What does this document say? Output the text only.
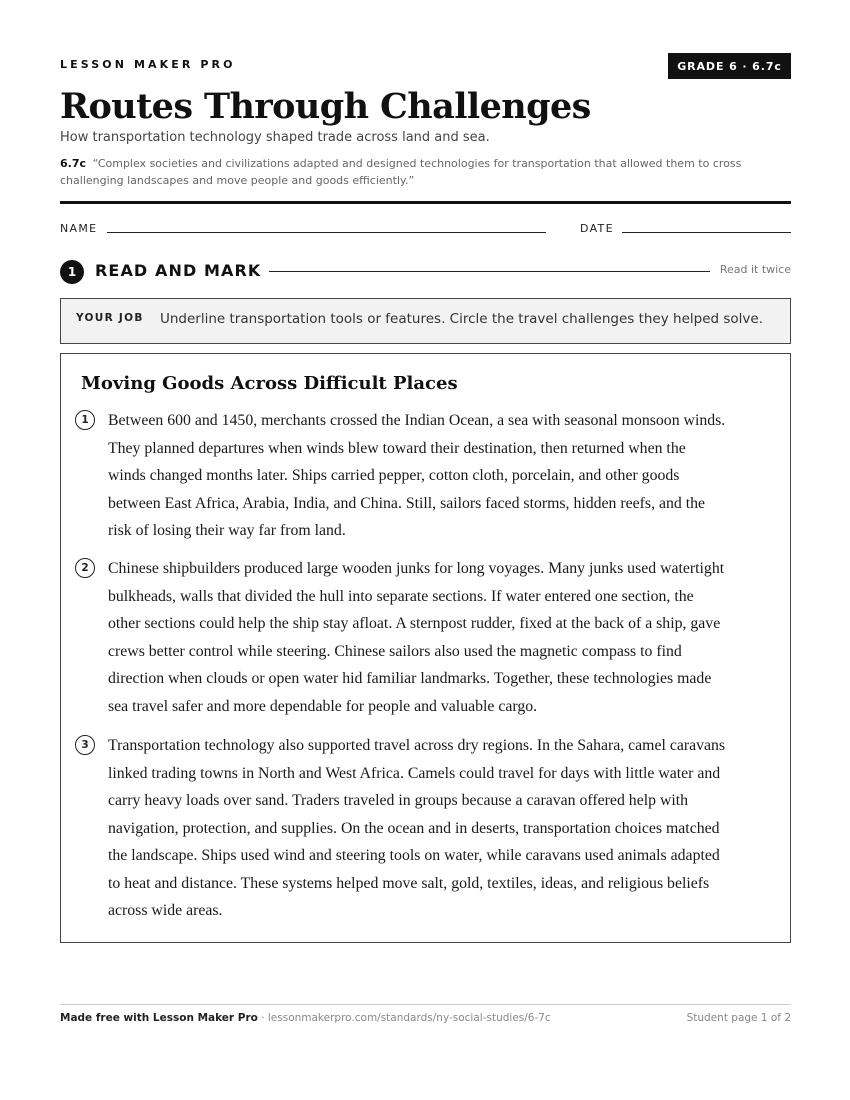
LESSON MAKER PRO	GRADE 6 · 6.7c
Routes Through Challenges
How transportation technology shaped trade across land and sea.
6.7c “Complex societies and civilizations adapted and designed technologies for transportation that allowed them to cross challenging landscapes and move people and goods efficiently.”
NAME	DATE
1	READ AND MARK	Read it twice
YOUR JOB Underline transportation tools or features. Circle the travel challenges they helped solve.
Moving Goods Across Difficult Places
1	Between 600 and 1450, merchants crossed the Indian Ocean, a sea with seasonal monsoon winds.
They planned departures when winds blew toward their destination, then returned when the
winds changed months later. Ships carried pepper, cotton cloth, porcelain, and other goods
between East Africa, Arabia, India, and China. Still, sailors faced storms, hidden reefs, and the
risk of losing their way far from land.
2	Chinese shipbuilders produced large wooden junks for long voyages. Many junks used watertight
bulkheads, walls that divided the hull into separate sections. If water entered one section, the
other sections could help the ship stay afloat. A sternpost rudder, fixed at the back of a ship, gave
crews better control while steering. Chinese sailors also used the magnetic compass to find
direction when clouds or open water hid familiar landmarks. Together, these technologies made
sea travel safer and more dependable for people and valuable cargo.
3	Transportation technology also supported travel across dry regions. In the Sahara, camel caravans
linked trading towns in North and West Africa. Camels could travel for days with little water and
carry heavy loads over sand. Traders traveled in groups because a caravan offered help with
navigation, protection, and supplies. On the ocean and in deserts, transportation choices matched
the landscape. Ships used wind and steering tools on water, while caravans used animals adapted
to heat and distance. These systems helped move salt, gold, textiles, ideas, and religious beliefs
across wide areas.
Made free with Lesson Maker Pro · lessonmakerpro.com/standards/ny-social-studies/6-7c	Student page 1 of 2
